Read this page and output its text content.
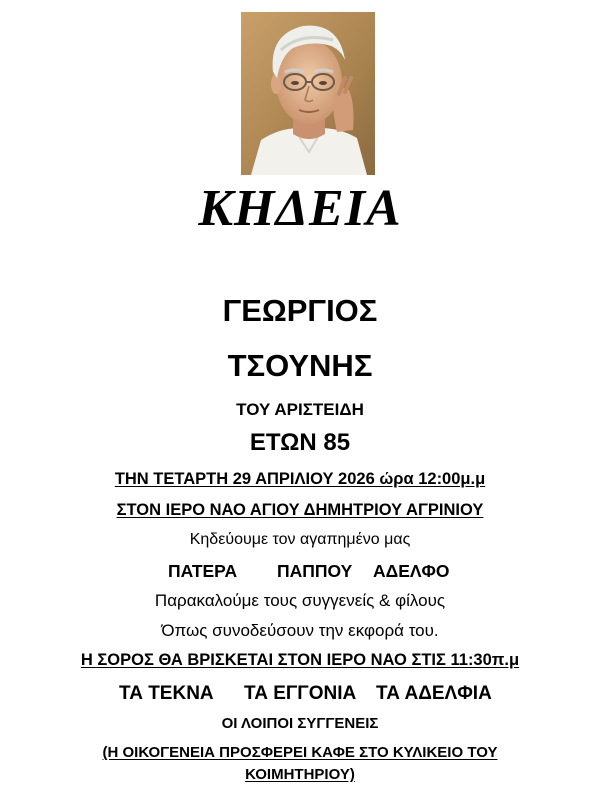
ΚΗΔΕΙΑ
ΓΕΩΡΓΙΟΣ
ΤΣΟΥΝΗΣ
ΤΟΥ ΑΡΙΣΤΕΙΔΗ
ΕΤΩΝ 85
ΤΗΝ ΤΕΤΑΡΤΗ 29 ΑΠΡΙΛΙΟΥ 2026 ώρα 12:00μ.μ
ΣΤΟΝ ΙΕΡΟ ΝΑΟ ΑΓΙΟΥ ΔΗΜΗΤΡΙΟΥ ΑΓΡΙΝΙΟΥ
Κηδεύουμε τον αγαπημένο μας
ΠΑΤΕΡΑ ΠΑΠΠΟΥ ΑΔΕΛΦΟ
Παρακαλούμε τους συγγενείς & φίλους
Όπως συνοδεύσουν την εκφορά του.
Η ΣΟΡΟΣ ΘΑ ΒΡΙΣΚΕΤΑΙ ΣΤΟΝ ΙΕΡΟ ΝΑΟ ΣΤΙΣ 11:30π.μ
ΤΑ ΤΕΚΝΑ ΤΑ ΕΓΓΟΝΙΑ ΤΑ ΑΔΕΛΦΙΑ
ΟΙ ΛΟΙΠΟΙ ΣΥΓΓΕΝΕΙΣ
(Η ΟΙΚΟΓΕΝΕΙΑ ΠΡΟΣΦΕΡΕΙ ΚΑΦΕ ΣΤΟ ΚΥΛΙΚΕΙΟ ΤΟΥ
ΚΟΙΜΗΤΗΡΙΟΥ)
